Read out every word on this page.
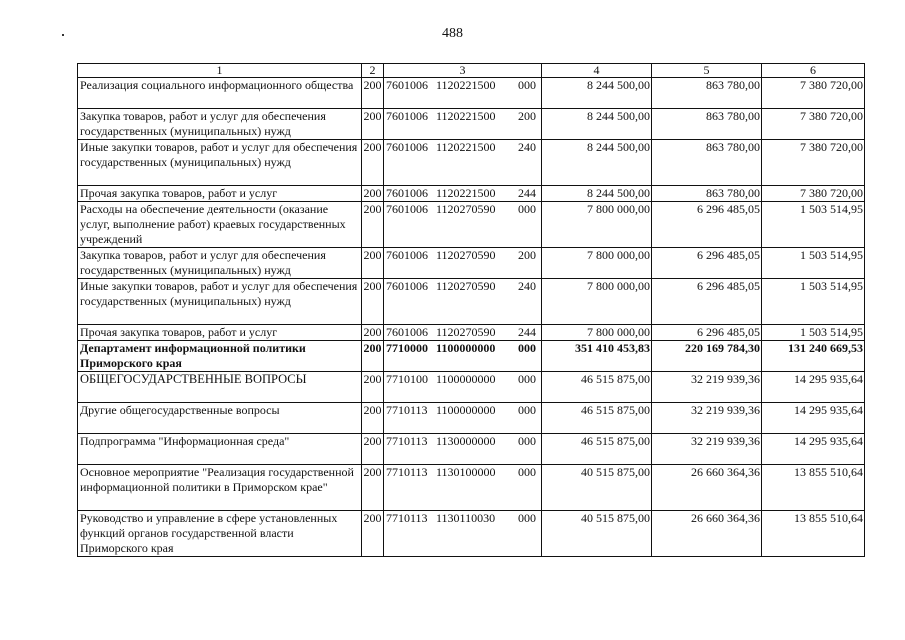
488
1	2	3	4	5	6
Реализация социального информационного общества	200	7601006 1120221500 000	8 244 500,00	863 780,00	7 380 720,00
Закупка товаров, работ и услуг для обеспечения государственных (муниципальных) нужд	200	7601006 1120221500 200	8 244 500,00	863 780,00	7 380 720,00
Иные закупки товаров, работ и услуг для обеспечения государственных (муниципальных) нужд	200	7601006 1120221500 240	8 244 500,00	863 780,00	7 380 720,00
Прочая закупка товаров, работ и услуг	200	7601006 1120221500 244	8 244 500,00	863 780,00	7 380 720,00
Расходы на обеспечение деятельности (оказание услуг, выполнение работ) краевых государственных учреждений	200	7601006 1120270590 000	7 800 000,00	6 296 485,05	1 503 514,95
Закупка товаров, работ и услуг для обеспечения государственных (муниципальных) нужд	200	7601006 1120270590 200	7 800 000,00	6 296 485,05	1 503 514,95
Иные закупки товаров, работ и услуг для обеспечения государственных (муниципальных) нужд	200	7601006 1120270590 240	7 800 000,00	6 296 485,05	1 503 514,95
Прочая закупка товаров, работ и услуг	200	7601006 1120270590 244	7 800 000,00	6 296 485,05	1 503 514,95
Департамент информационной политики Приморского края	200	7710000 1100000000 000	351 410 453,83	220 169 784,30	131 240 669,53
ОБЩЕГОСУДАРСТВЕННЫЕ ВОПРОСЫ	200	7710100 1100000000 000	46 515 875,00	32 219 939,36	14 295 935,64
Другие общегосударственные вопросы	200	7710113 1100000000 000	46 515 875,00	32 219 939,36	14 295 935,64
Подпрограмма "Информационная среда"	200	7710113 1130000000 000	46 515 875,00	32 219 939,36	14 295 935,64
Основное мероприятие "Реализация государственной информационной политики в Приморском крае"	200	7710113 1130100000 000	40 515 875,00	26 660 364,36	13 855 510,64
Руководство и управление в сфере установленных функций органов государственной власти Приморского края	200	7710113 1130110030 000	40 515 875,00	26 660 364,36	13 855 510,64
